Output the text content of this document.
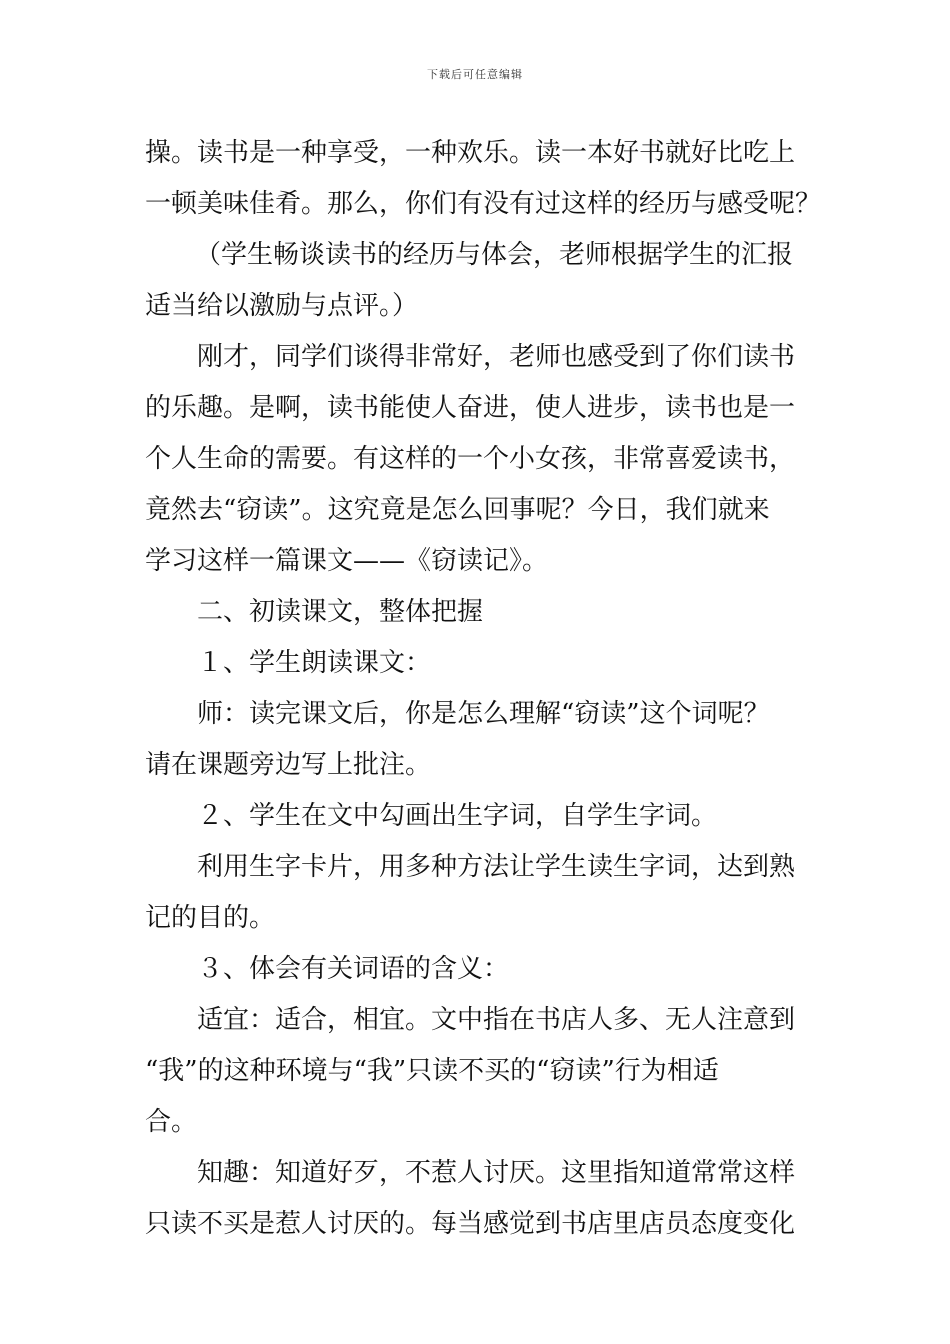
下载后可任意编辑
操。读书是一种享受，一种欢乐。读一本好书就好比吃上
一顿美味佳肴。那么，你们有没有过这样的经历与感受呢？
（学生畅谈读书的经历与体会，老师根据学生的汇报
适当给以激励与点评。）
刚才，同学们谈得非常好，老师也感受到了你们读书
的乐趣。是啊，读书能使人奋进，使人进步，读书也是一
个人生命的需要。有这样的一个小女孩，非常喜爱读书，
竟然去“窃读”。这究竟是怎么回事呢？今日，我们就来
学习这样一篇课文——《窃读记》。
二、初读课文，整体把握
１、学生朗读课文：
师：读完课文后，你是怎么理解“窃读”这个词呢？
请在课题旁边写上批注。
２、学生在文中勾画出生字词，自学生字词。
利用生字卡片，用多种方法让学生读生字词，达到熟
记的目的。
３、体会有关词语的含义：
适宜：适合，相宜。文中指在书店人多、无人注意到
“我”的这种环境与“我”只读不买的“窃读”行为相适
合。
知趣：知道好歹，不惹人讨厌。这里指知道常常这样
只读不买是惹人讨厌的。每当感觉到书店里店员态度变化
